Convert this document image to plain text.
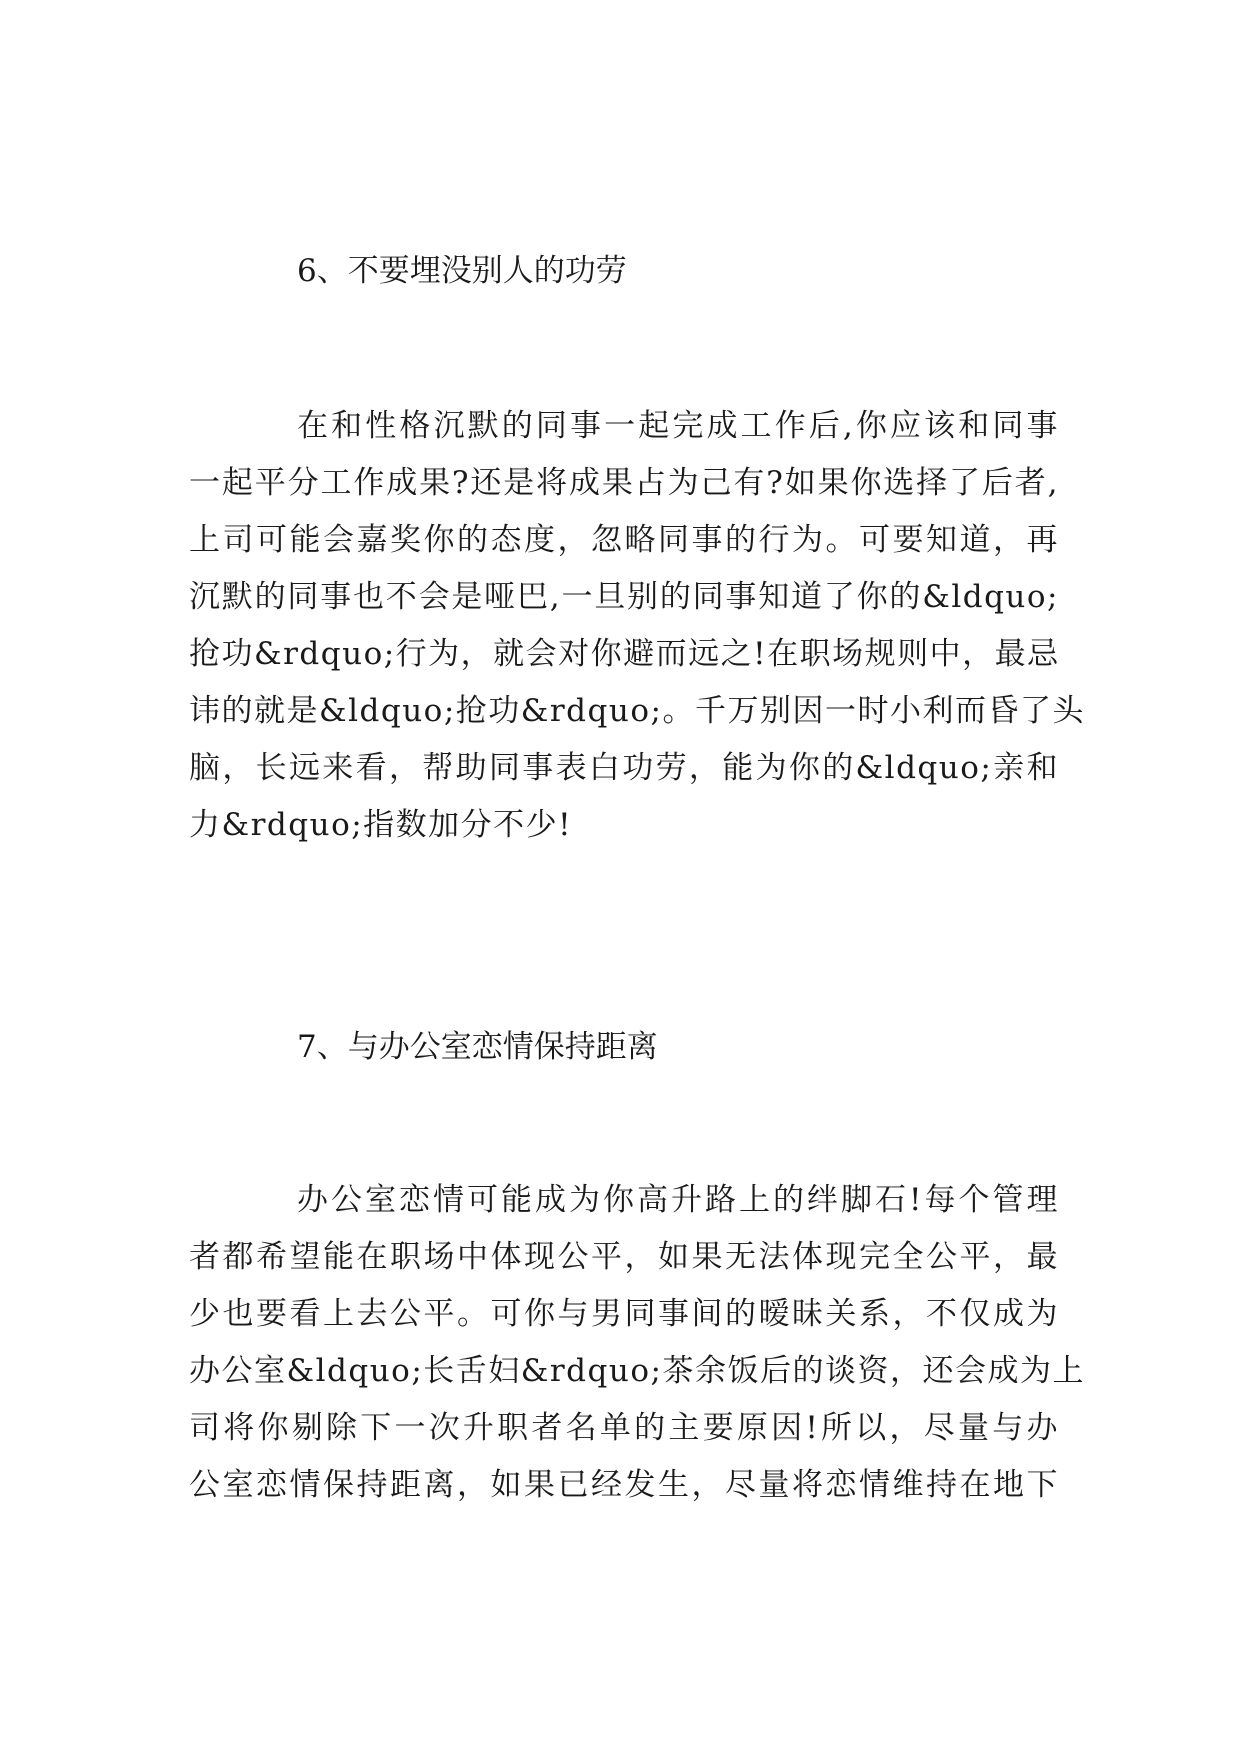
6、不要埋没别人的功劳
在和性格沉默的同事一起完成工作后,你应该和同事
一起平分工作成果?还是将成果占为己有?如果你选择了后者,
上司可能会嘉奖你的态度，忽略同事的行为。可要知道，再
沉默的同事也不会是哑巴,一旦别的同事知道了你的&ldquo;
抢功&rdquo;行为，就会对你避而远之!在职场规则中，最忌
讳的就是&ldquo;抢功&rdquo;。千万别因一时小利而昏了头
脑，长远来看，帮助同事表白功劳，能为你的&ldquo;亲和
力&rdquo;指数加分不少!
7、与办公室恋情保持距离
办公室恋情可能成为你高升路上的绊脚石!每个管理
者都希望能在职场中体现公平，如果无法体现完全公平，最
少也要看上去公平。可你与男同事间的暧昧关系，不仅成为
办公室&ldquo;长舌妇&rdquo;茶余饭后的谈资，还会成为上
司将你剔除下一次升职者名单的主要原因!所以，尽量与办
公室恋情保持距离，如果已经发生，尽量将恋情维持在地下
